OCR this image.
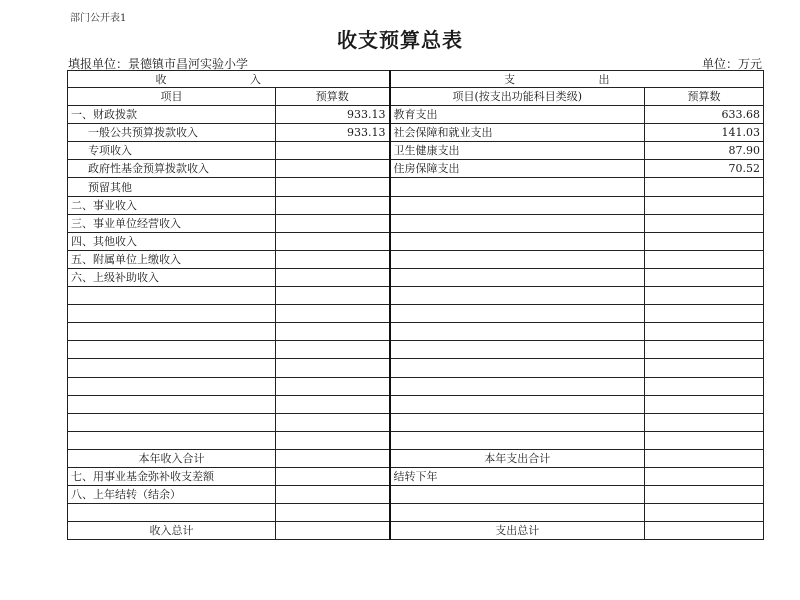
部门公开表1
收支预算总表
填报单位：景德镇市昌河实验小学	单位：万元
收 入		支 出	
项目	预算数	项目(按支出功能科目类级)	预算数
一、财政拨款	933.13	教育支出	633.68
一般公共预算拨款收入	933.13	社会保障和就业支出	141.03
专项收入		卫生健康支出	87.90
政府性基金预算拨款收入		住房保障支出	70.52
预留其他			
二、事业收入			
三、事业单位经营收入			
四、其他收入			
五、附属单位上缴收入			
六、上级补助收入			

本年收入合计		本年支出合计	
七、用事业基金弥补收支差额		结转下年	
八、上年结转（结余）			

收入总计		支出总计	
